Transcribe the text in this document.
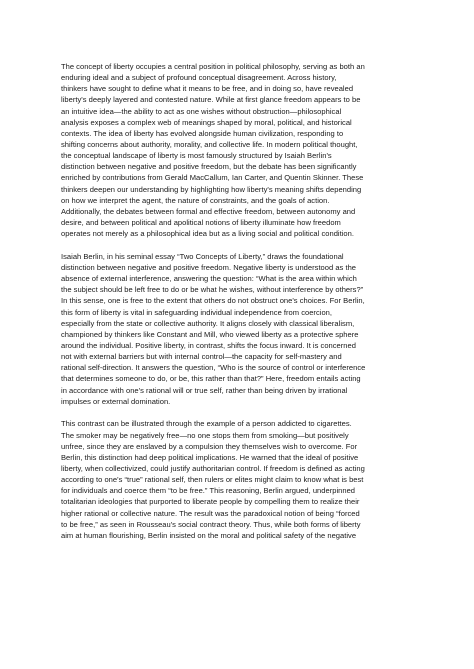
The concept of liberty occupies a central position in political philosophy, serving as both an
enduring ideal and a subject of profound conceptual disagreement. Across history,
thinkers have sought to define what it means to be free, and in doing so, have revealed
liberty's deeply layered and contested nature. While at first glance freedom appears to be
an intuitive idea—the ability to act as one wishes without obstruction—philosophical
analysis exposes a complex web of meanings shaped by moral, political, and historical
contexts. The idea of liberty has evolved alongside human civilization, responding to
shifting concerns about authority, morality, and collective life. In modern political thought,
the conceptual landscape of liberty is most famously structured by Isaiah Berlin's
distinction between negative and positive freedom, but the debate has been significantly
enriched by contributions from Gerald MacCallum, Ian Carter, and Quentin Skinner. These
thinkers deepen our understanding by highlighting how liberty's meaning shifts depending
on how we interpret the agent, the nature of constraints, and the goals of action.
Additionally, the debates between formal and effective freedom, between autonomy and
desire, and between political and apolitical notions of liberty illuminate how freedom
operates not merely as a philosophical idea but as a living social and political condition.

Isaiah Berlin, in his seminal essay “Two Concepts of Liberty,” draws the foundational
distinction between negative and positive freedom. Negative liberty is understood as the
absence of external interference, answering the question: “What is the area within which
the subject should be left free to do or be what he wishes, without interference by others?”
In this sense, one is free to the extent that others do not obstruct one's choices. For Berlin,
this form of liberty is vital in safeguarding individual independence from coercion,
especially from the state or collective authority. It aligns closely with classical liberalism,
championed by thinkers like Constant and Mill, who viewed liberty as a protective sphere
around the individual. Positive liberty, in contrast, shifts the focus inward. It is concerned
not with external barriers but with internal control—the capacity for self-mastery and
rational self-direction. It answers the question, “Who is the source of control or interference
that determines someone to do, or be, this rather than that?” Here, freedom entails acting
in accordance with one's rational will or true self, rather than being driven by irrational
impulses or external domination.

This contrast can be illustrated through the example of a person addicted to cigarettes.
The smoker may be negatively free—no one stops them from smoking—but positively
unfree, since they are enslaved by a compulsion they themselves wish to overcome. For
Berlin, this distinction had deep political implications. He warned that the ideal of positive
liberty, when collectivized, could justify authoritarian control. If freedom is defined as acting
according to one's “true” rational self, then rulers or elites might claim to know what is best
for individuals and coerce them “to be free.” This reasoning, Berlin argued, underpinned
totalitarian ideologies that purported to liberate people by compelling them to realize their
higher rational or collective nature. The result was the paradoxical notion of being “forced
to be free,” as seen in Rousseau's social contract theory. Thus, while both forms of liberty
aim at human flourishing, Berlin insisted on the moral and political safety of the negative
